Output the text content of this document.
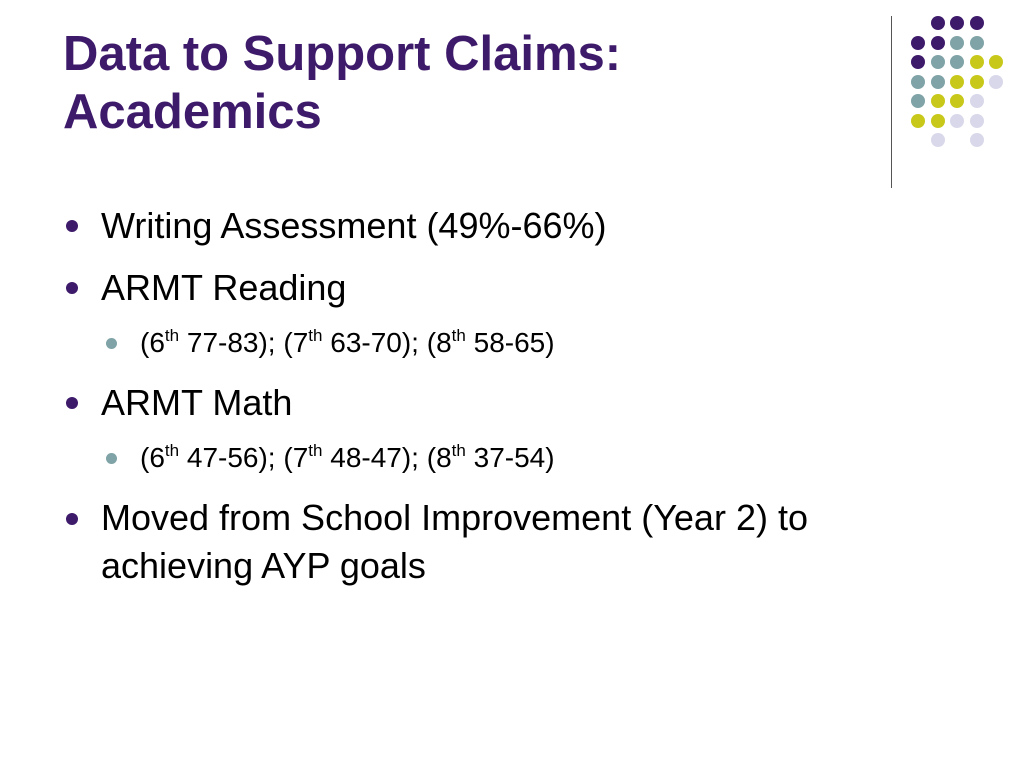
Data to Support Claims:
Academics
Writing Assessment (49%-66%)
ARMT Reading
(6th 77-83); (7th 63-70); (8th 58-65)
ARMT Math
(6th 47-56); (7th 48-47); (8th 37-54)
Moved from School Improvement (Year 2) to
achieving AYP goals
